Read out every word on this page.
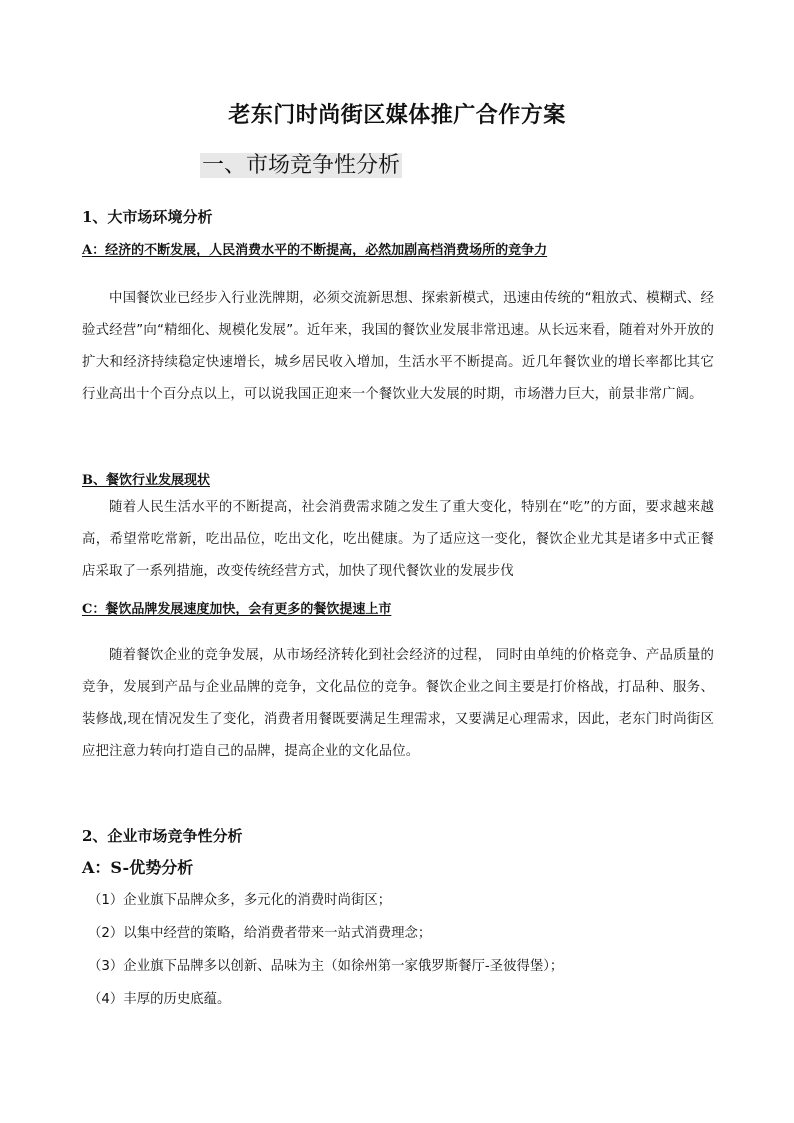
老东门时尚街区媒体推广合作方案
一、市场竞争性分析
1、大市场环境分析
A：经济的不断发展，人民消费水平的不断提高，必然加剧高档消费场所的竞争力
中国餐饮业已经步入行业洗牌期，必须交流新思想、探索新模式，迅速由传统的“粗放式、模糊式、经验式经营”向“精细化、规模化发展”。近年来，我国的餐饮业发展非常迅速。从长远来看，随着对外开放的扩大和经济持续稳定快速增长，城乡居民收入增加，生活水平不断提高。近几年餐饮业的增长率都比其它行业高出十个百分点以上，可以说我国正迎来一个餐饮业大发展的时期，市场潜力巨大，前景非常广阔。
B、餐饮行业发展现状
随着人民生活水平的不断提高，社会消费需求随之发生了重大变化，特别在“吃”的方面，要求越来越高，希望常吃常新，吃出品位，吃出文化，吃出健康。为了适应这一变化，餐饮企业尤其是诸多中式正餐店采取了一系列措施，改变传统经营方式，加快了现代餐饮业的发展步伐
C：餐饮品牌发展速度加快，会有更多的餐饮提速上市
随着餐饮企业的竞争发展，从市场经济转化到社会经济的过程， 同时由单纯的价格竞争、产品质量的竞争，发展到产品与企业品牌的竞争，文化品位的竞争。餐饮企业之间主要是打价格战，打品种、服务、装修战,现在情况发生了变化，消费者用餐既要满足生理需求，又要满足心理需求，因此，老东门时尚街区应把注意力转向打造自己的品牌，提高企业的文化品位。
2、企业市场竞争性分析
A：S-优势分析
（1）企业旗下品牌众多，多元化的消费时尚街区；
（2）以集中经营的策略，给消费者带来一站式消费理念；
（3）企业旗下品牌多以创新、品味为主（如徐州第一家俄罗斯餐厅-圣彼得堡）；
（4）丰厚的历史底蕴。
